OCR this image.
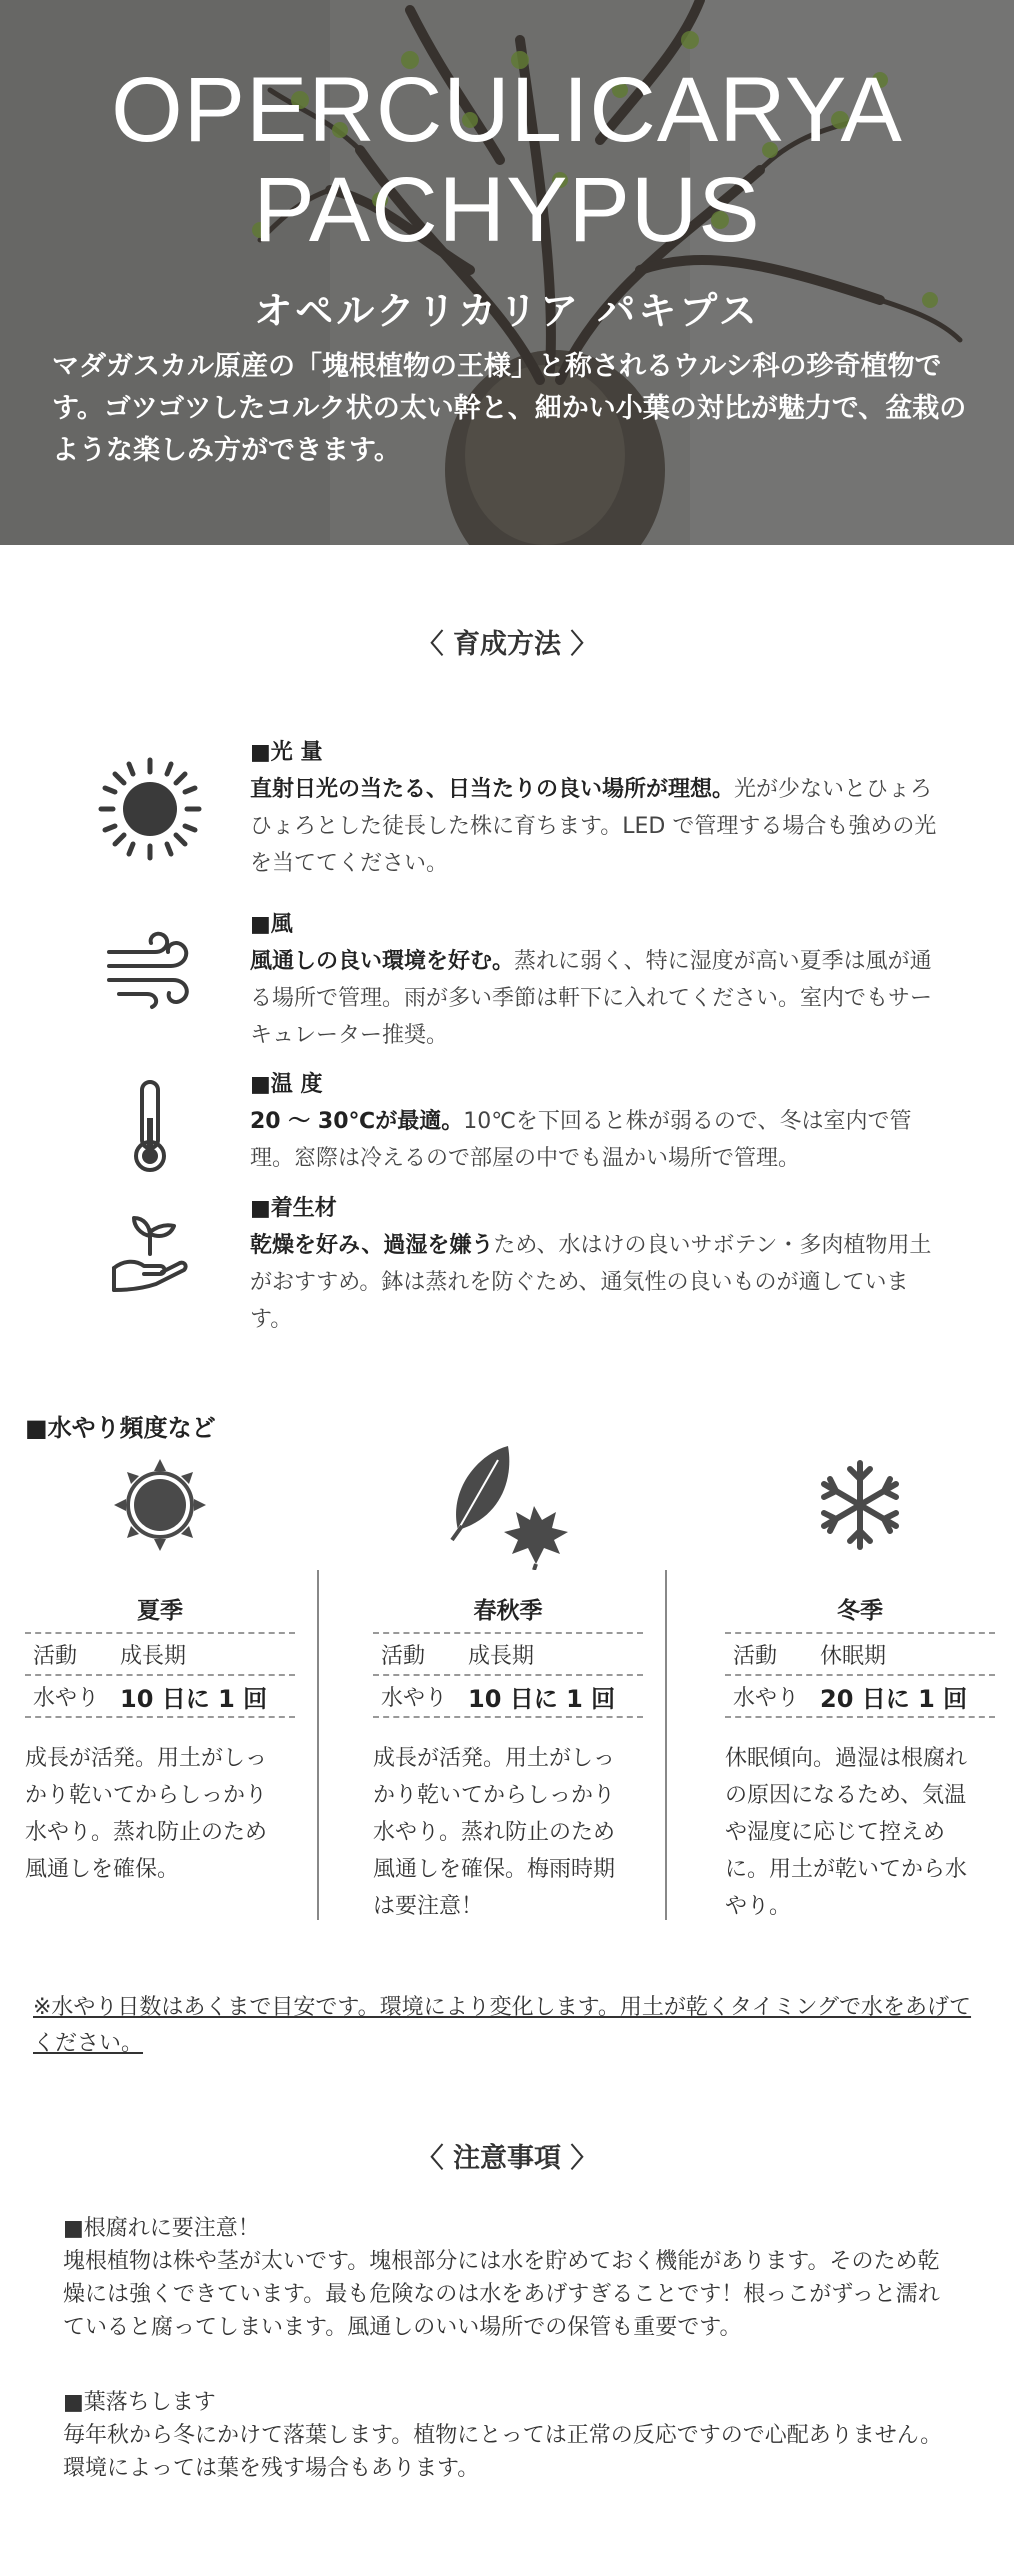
OPERCULICARYA
PACHYPUS
オペルクリカリア パキプス
マダガスカル原産の「塊根植物の王様」と称されるウルシ科の珍奇植物です。ゴツゴツしたコルク状の太い幹と、細かい小葉の対比が魅力で、盆栽のような楽しみ方ができます。
〈 育成方法 〉
■光 量
直射日光の当たる、日当たりの良い場所が理想。光が少ないとひょろひょろとした徒長した株に育ちます。LED で管理する場合も強めの光を当ててください。
■風
風通しの良い環境を好む。蒸れに弱く、特に湿度が高い夏季は風が通る場所で管理。雨が多い季節は軒下に入れてください。室内でもサーキュレーター推奨。
■温 度
20 ～ 30℃が最適。10℃を下回ると株が弱るので、冬は室内で管理。窓際は冷えるので部屋の中でも温かい場所で管理。
■着生材
乾燥を好み、過湿を嫌うため、水はけの良いサボテン・多肉植物用土がおすすめ。鉢は蒸れを防ぐため、通気性の良いものが適しています。
■水やり頻度など
夏季
活動	成長期
水やり 10 日に 1 回
成長が活発。用土がしっかり乾いてからしっかり水やり。蒸れ防止のため風通しを確保。
春秋季
活動	成長期
水やり 10 日に 1 回
成長が活発。用土がしっかり乾いてからしっかり水やり。蒸れ防止のため風通しを確保。梅雨時期は要注意！
冬季
活動	休眠期
水やり 20 日に 1 回
休眠傾向。過湿は根腐れの原因になるため、気温や湿度に応じて控えめに。用土が乾いてから水やり。
※水やり日数はあくまで目安です。環境により変化します。用土が乾くタイミングで水をあげてください。
〈 注意事項 〉
■根腐れに要注意！
塊根植物は株や茎が太いです。塊根部分には水を貯めておく機能があります。そのため乾燥には強くできています。最も危険なのは水をあげすぎることです！根っこがずっと濡れていると腐ってしまいます。風通しのいい場所での保管も重要です。
■葉落ちします
毎年秋から冬にかけて落葉します。植物にとっては正常の反応ですので心配ありません。環境によっては葉を残す場合もあります。
